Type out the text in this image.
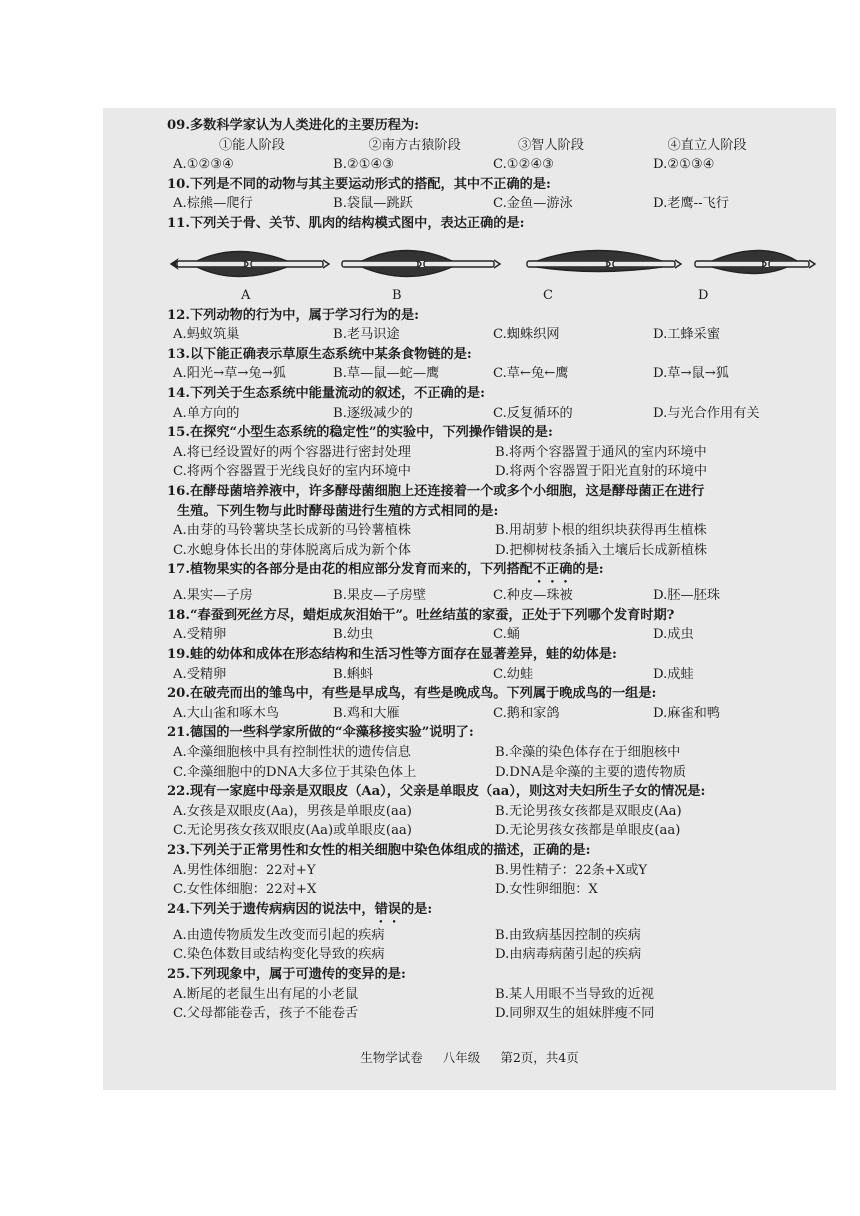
09.多数科学家认为人类进化的主要历程为:
①能人阶段	②南方古猿阶段	③智人阶段	④直立人阶段
A.①②③④	B.②①④③	C.①②④③	D.②①③④
10.下列是不同的动物与其主要运动形式的搭配，其中不正确的是:
A.棕熊—爬行	B.袋鼠—跳跃	C.金鱼—游泳	D.老鹰--飞行
11.下列关于骨、关节、肌肉的结构模式图中，表达正确的是:
A	B	C	D
12.下列动物的行为中，属于学习行为的是:
A.蚂蚁筑巢	B.老马识途	C.蜘蛛织网	D.工蜂采蜜
13.以下能正确表示草原生态系统中某条食物链的是:
A.阳光→草→兔→狐	B.草—鼠—蛇—鹰	C.草←兔←鹰	D.草→鼠→狐
14.下列关于生态系统中能量流动的叙述，不正确的是:
A.单方向的	B.逐级减少的	C.反复循环的	D.与光合作用有关
15.在探究“小型生态系统的稳定性”的实验中，下列操作错误的是:
A.将已经设置好的两个容器进行密封处理	B.将两个容器置于通风的室内环境中
C.将两个容器置于光线良好的室内环境中	D.将两个容器置于阳光直射的环境中
16.在酵母菌培养液中，许多酵母菌细胞上还连接着一个或多个小细胞，这是酵母菌正在进行
生殖。下列生物与此时酵母菌进行生殖的方式相同的是:
A.由芽的马铃薯块茎长成新的马铃薯植株	B.用胡萝卜根的组织块获得再生植株
C.水螅身体长出的芽体脱离后成为新个体	D.把柳树枝条插入土壤后长成新植株
17.植物果实的各部分是由花的相应部分发育而来的，下列搭配不正确的是:
A.果实—子房	B.果皮—子房壁	C.种皮—珠被	D.胚—胚珠
18.“春蚕到死丝方尽，蜡炬成灰泪始干”。吐丝结茧的家蚕，正处于下列哪个发育时期?
A.受精卵	B.幼虫	C.蛹	D.成虫
19.蛙的幼体和成体在形态结构和生活习性等方面存在显著差异，蛙的幼体是:
A.受精卵	B.蝌蚪	C.幼蛙	D.成蛙
20.在破壳而出的雏鸟中，有些是早成鸟，有些是晚成鸟。下列属于晚成鸟的一组是:
A.大山雀和啄木鸟	B.鸡和大雁	C.鹅和家鸽	D.麻雀和鸭
21.德国的一些科学家所做的“伞藻移接实验”说明了:
A.伞藻细胞核中具有控制性状的遗传信息	B.伞藻的染色体存在于细胞核中
C.伞藻细胞中的DNA大多位于其染色体上	D.DNA是伞藻的主要的遗传物质
22.现有一家庭中母亲是双眼皮（Aa），父亲是单眼皮（aa），则这对夫妇所生子女的情况是:
A.女孩是双眼皮(Aa)，男孩是单眼皮(aa)	B.无论男孩女孩都是双眼皮(Aa)
C.无论男孩女孩双眼皮(Aa)或单眼皮(aa)	D.无论男孩女孩都是单眼皮(aa)
23.下列关于正常男性和女性的相关细胞中染色体组成的描述，正确的是:
A.男性体细胞：22对+Y	B.男性精子：22条+X或Y
C.女性体细胞：22对+X	D.女性卵细胞：X
24.下列关于遗传病病因的说法中，错误的是:
A.由遗传物质发生改变而引起的疾病	B.由致病基因控制的疾病
C.染色体数目或结构变化导致的疾病	D.由病毒病菌引起的疾病
25.下列现象中，属于可遗传的变异的是:
A.断尾的老鼠生出有尾的小老鼠	B.某人用眼不当导致的近视
C.父母都能卷舌，孩子不能卷舌	D.同卵双生的姐妹胖瘦不同
生物学试卷 八年级 第2页，共4页
